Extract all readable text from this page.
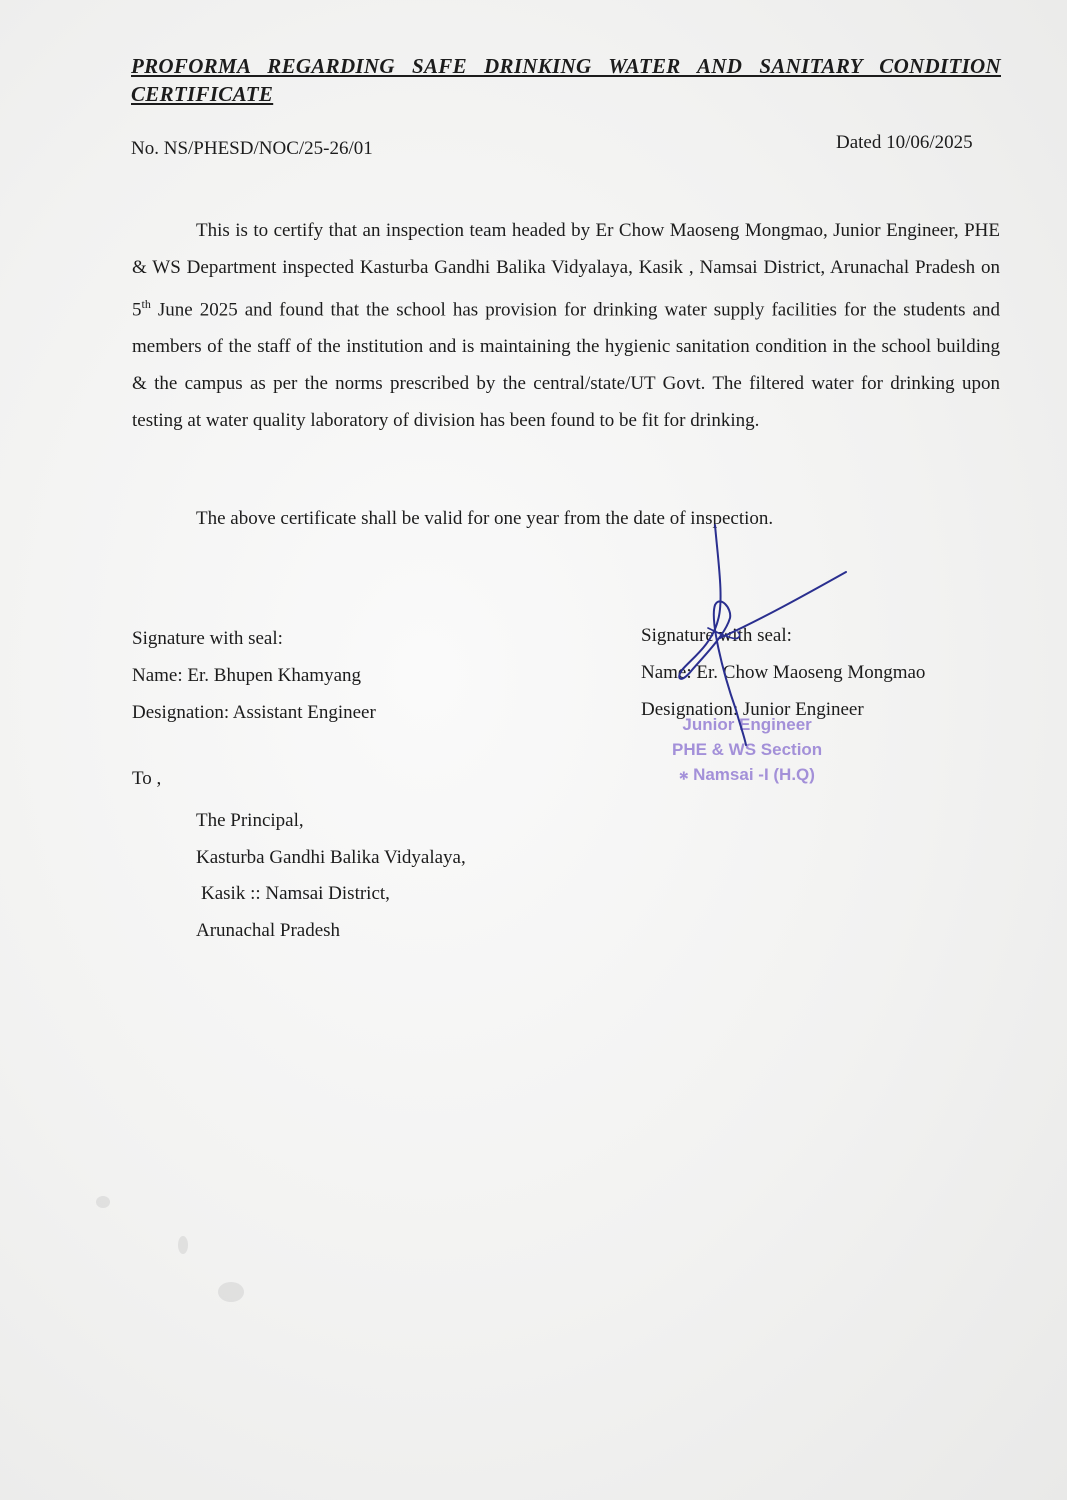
PROFORMA REGARDING SAFE DRINKING WATER AND SANITARY CONDITION
CERTIFICATE
No. NS/PHESD/NOC/25-26/01	Dated 10/06/2025
This is to certify that an inspection team headed by Er Chow Maoseng Mongmao, Junior Engineer, PHE & WS Department inspected Kasturba Gandhi Balika Vidyalaya, Kasik , Namsai District, Arunachal Pradesh on 5th June 2025 and found that the school has provision for drinking water supply facilities for the students and members of the staff of the institution and is maintaining the hygienic sanitation condition in the school building & the campus as per the norms prescribed by the central/state/UT Govt. The filtered water for drinking upon testing at water quality laboratory of division has been found to be fit for drinking.
The above certificate shall be valid for one year from the date of inspection.
Signature with seal:
Name: Er. Bhupen Khamyang
Designation: Assistant Engineer
Signature with seal:
Name: Er. Chow Maoseng Mongmao
Designation: Junior Engineer
Junior Engineer
PHE & WS Section
🞶 Namsai -I (H.Q)
To ,
The Principal,
Kasturba Gandhi Balika Vidyalaya,
Kasik :: Namsai District,
Arunachal Pradesh
